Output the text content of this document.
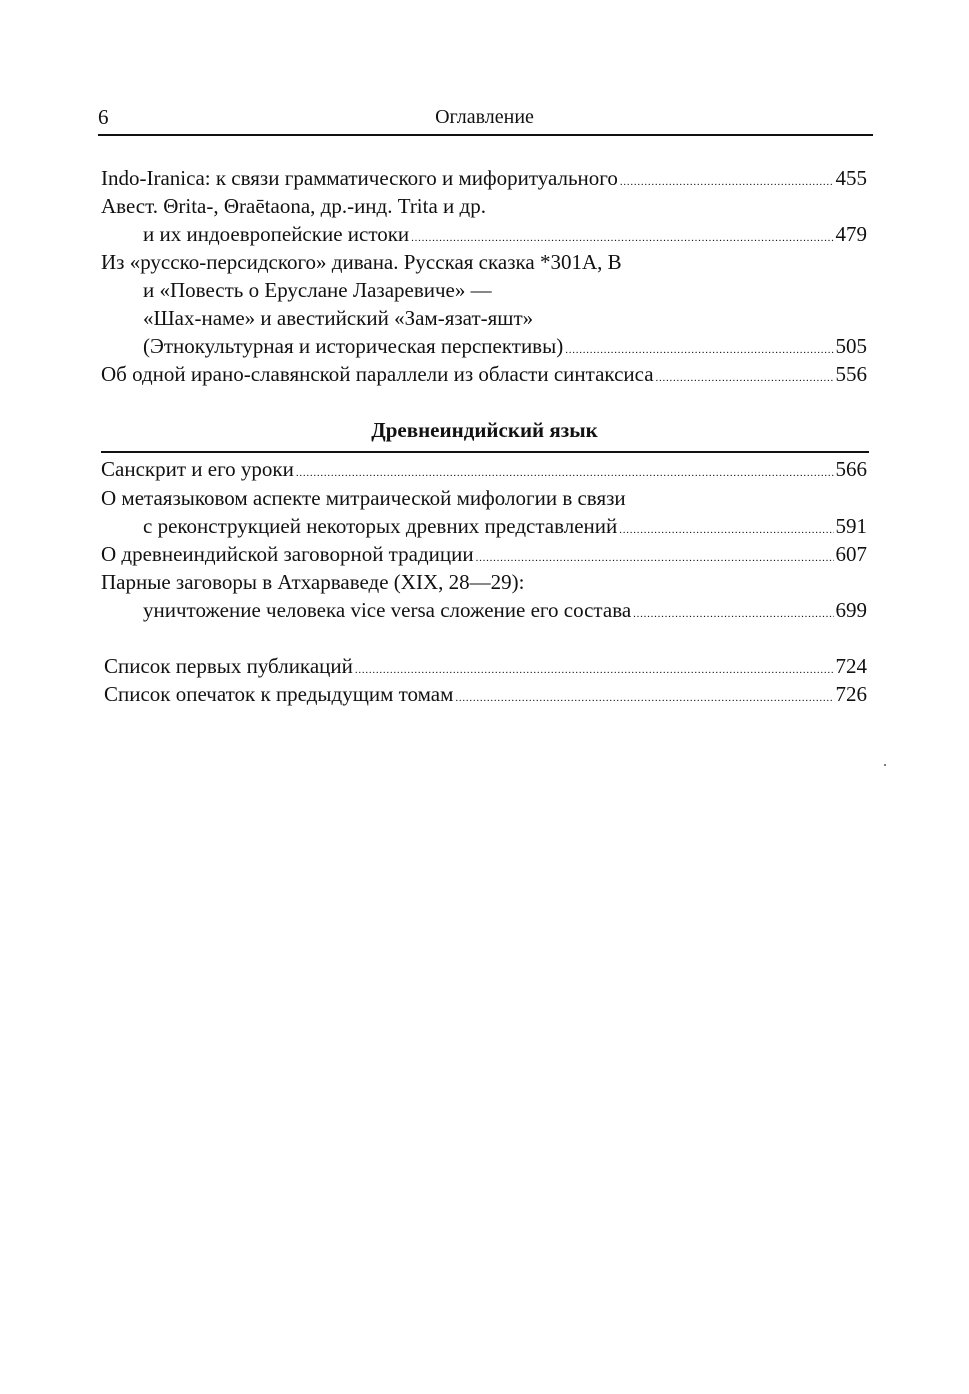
6	Оглавление
Indo-Iranica: к связи грамматического и мифоритуального . . .	455
Авест. Θrita-, Θraētaona, др.-инд. Trita и др.
и их индоевропейские истоки . . .	479
Из «русско-персидского» дивана. Русская сказка *301A, B
и «Повесть о Еруслане Лазаревиче» —
«Шах-наме» и авестийский «Зам-язат-яшт»
(Этнокультурная и историческая перспективы) . . .	505
Об одной ирано-славянской параллели из области синтаксиса . . .	556
Древнеиндийский язык
Санскрит и его уроки . . .	566
О метаязыковом аспекте митраической мифологии в связи
с реконструкцией некоторых древних представлений . . .	591
О древнеиндийской заговорной традиции . . .	607
Парные заговоры в Атхарваведе (XIX, 28—29):
уничтожение человека vice versa сложение его состава . . .	699
Список первых публикаций . . .	724
Список опечаток к предыдущим томам . . .	726
